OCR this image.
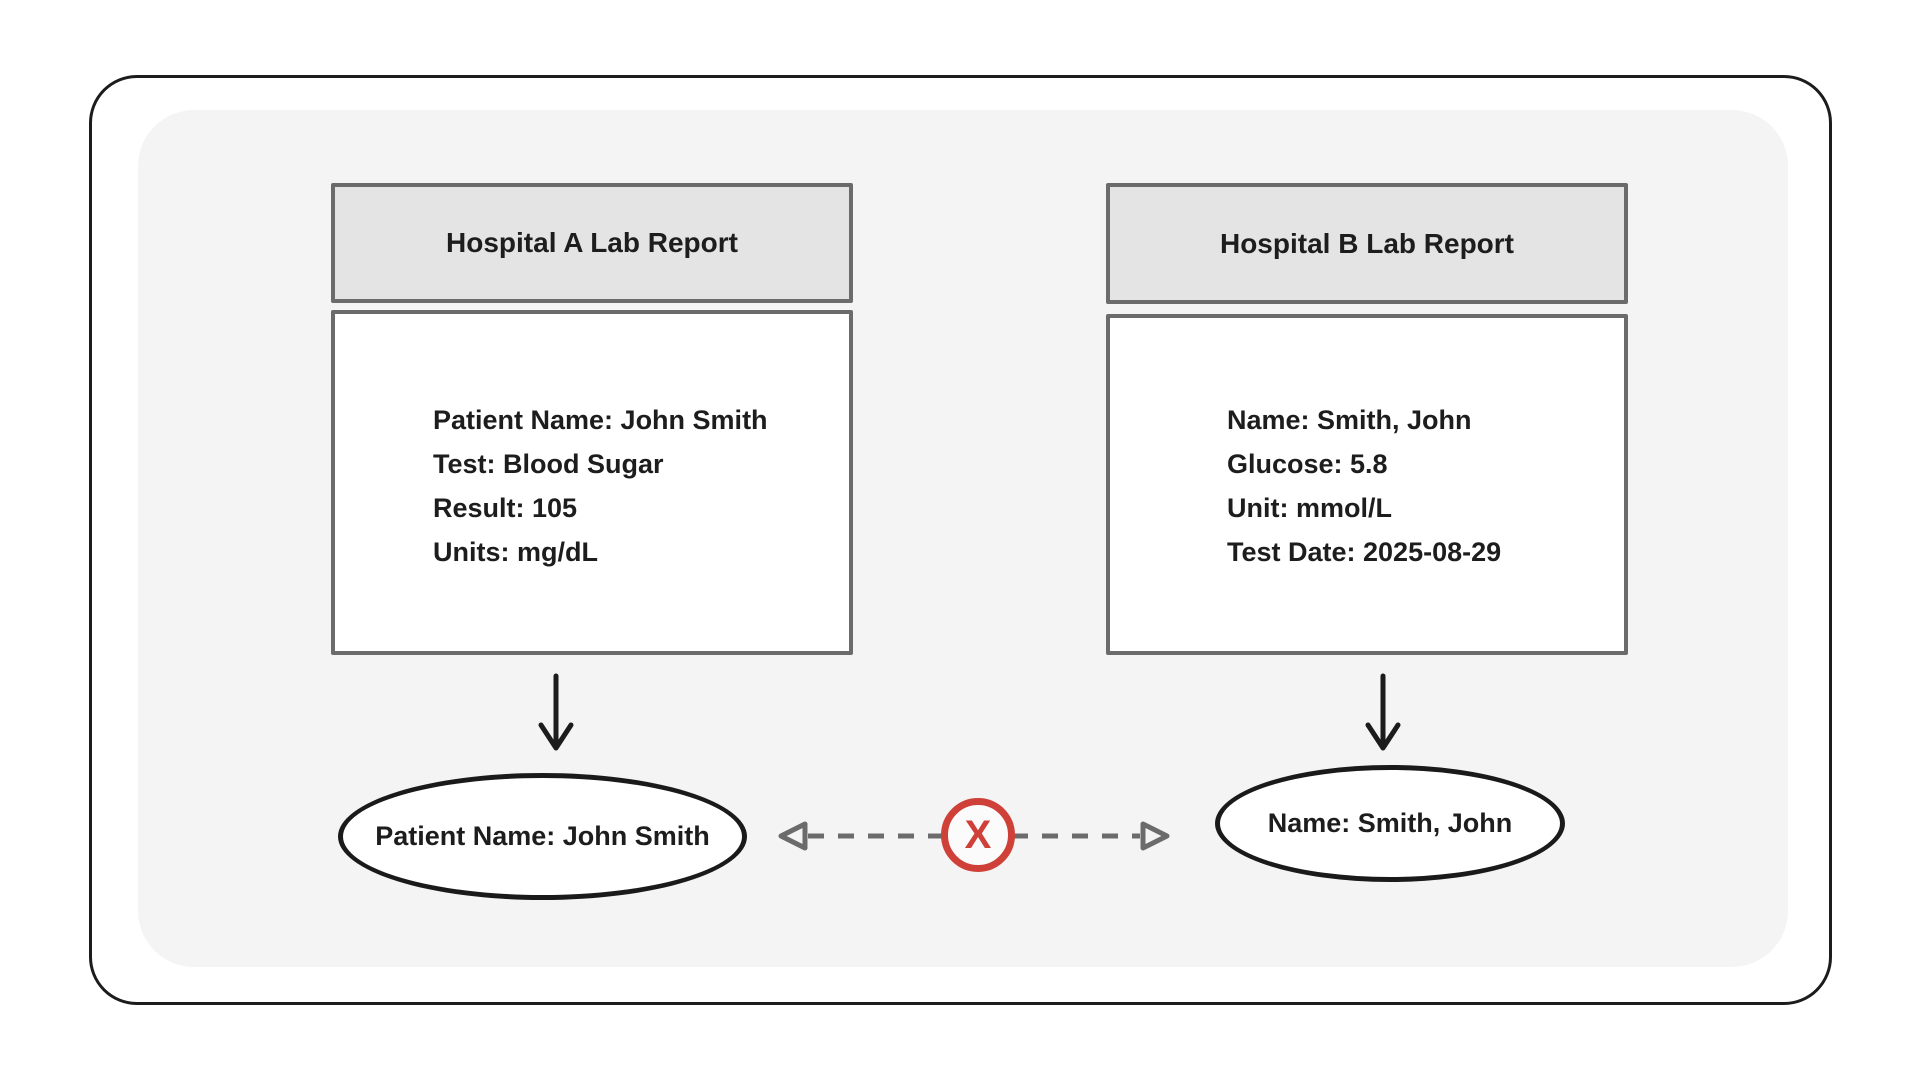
Hospital A Lab Report
Patient Name: John Smith
Test: Blood Sugar
Result: 105
Units: mg/dL
Hospital B Lab Report
Name: Smith, John
Glucose: 5.8
Unit: mmol/L
Test Date: 2025-08-29
Patient Name: John Smith	Name: Smith, John
X
